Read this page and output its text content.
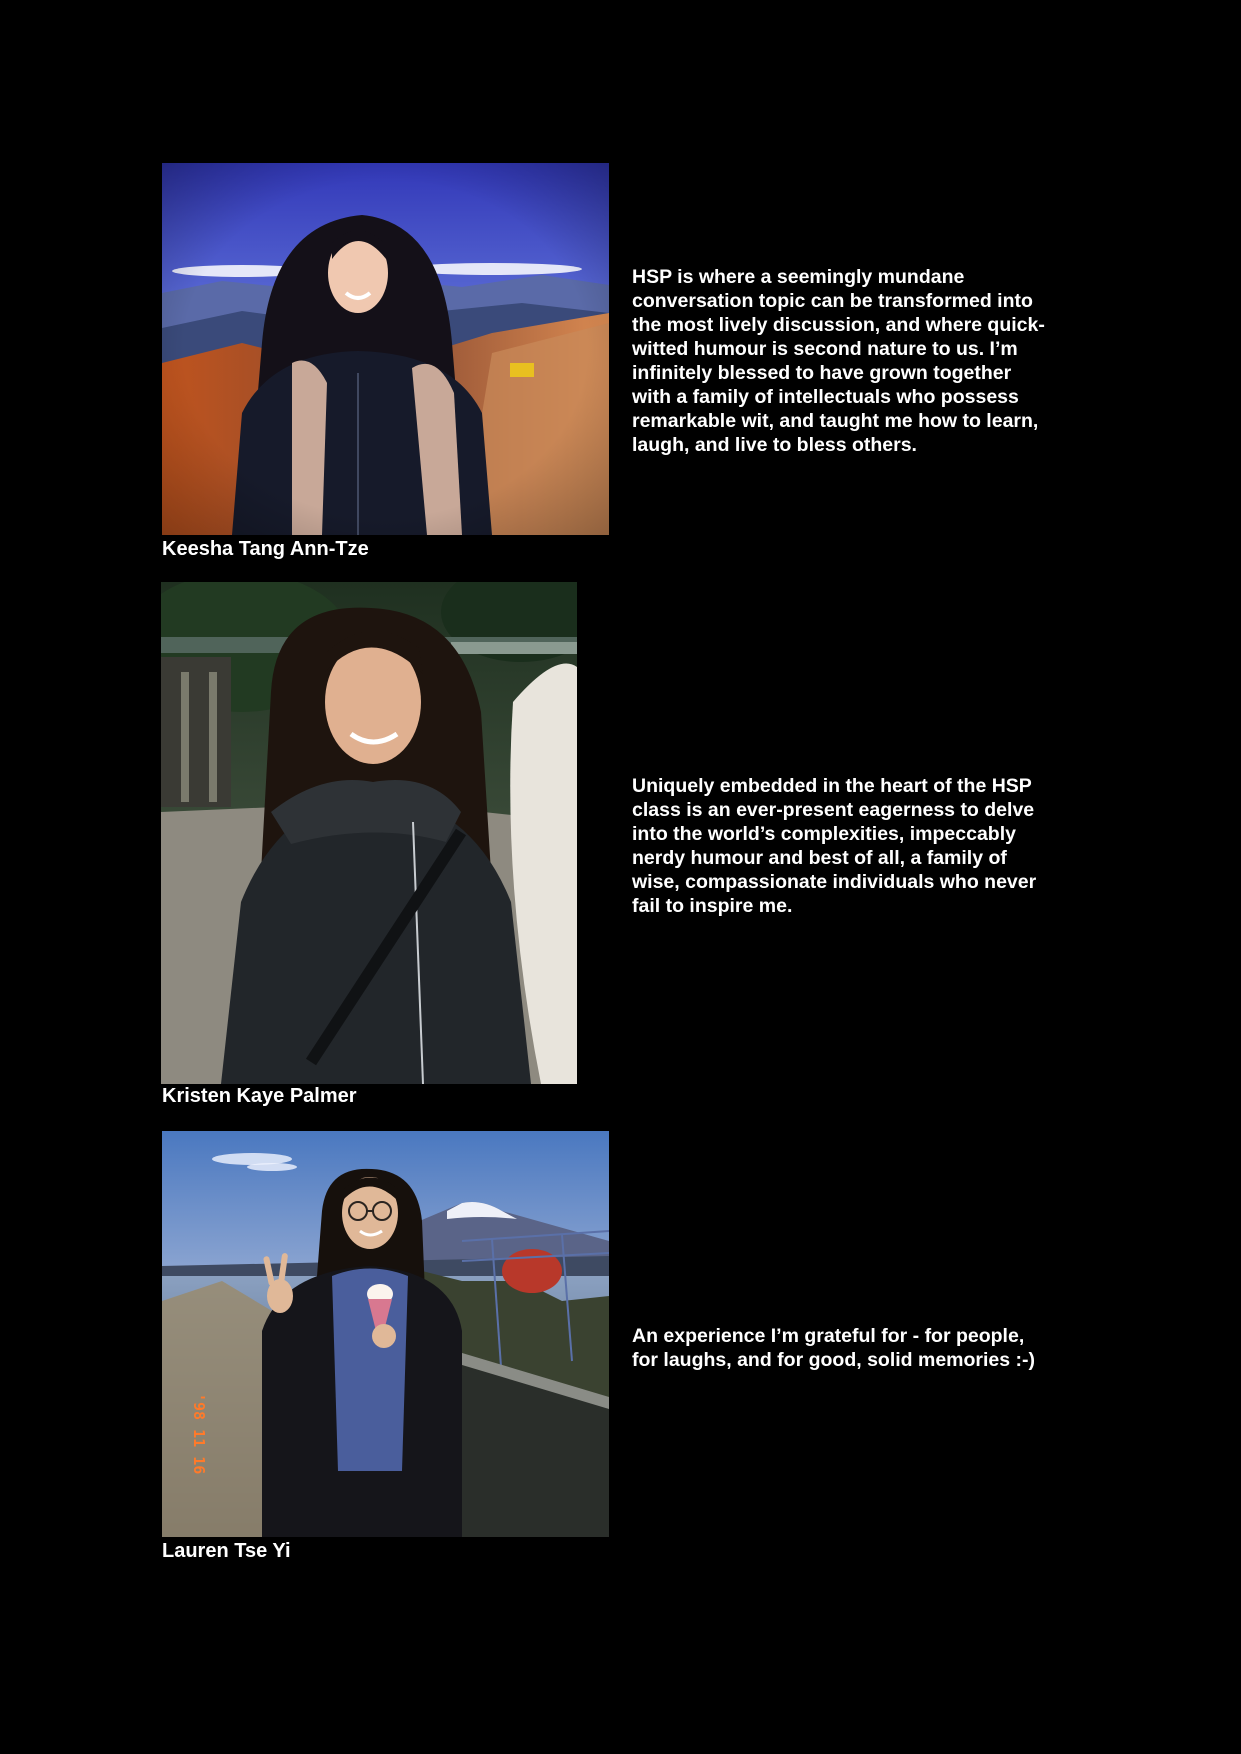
Keesha Tang Ann-Tze
HSP is where a seemingly mundane
conversation topic can be transformed into
the most lively discussion, and where quick-
witted humour is second nature to us. I’m
infinitely blessed to have grown together
with a family of intellectuals who possess
remarkable wit, and taught me how to learn,
laugh, and live to bless others.
Kristen Kaye Palmer
Uniquely embedded in the heart of the HSP
class is an ever-present eagerness to delve
into the world’s complexities, impeccably
nerdy humour and best of all, a family of
wise, compassionate individuals who never
fail to inspire me.
'98 11 16
Lauren Tse Yi
An experience I’m grateful for - for people,
for laughs, and for good, solid memories :-)
